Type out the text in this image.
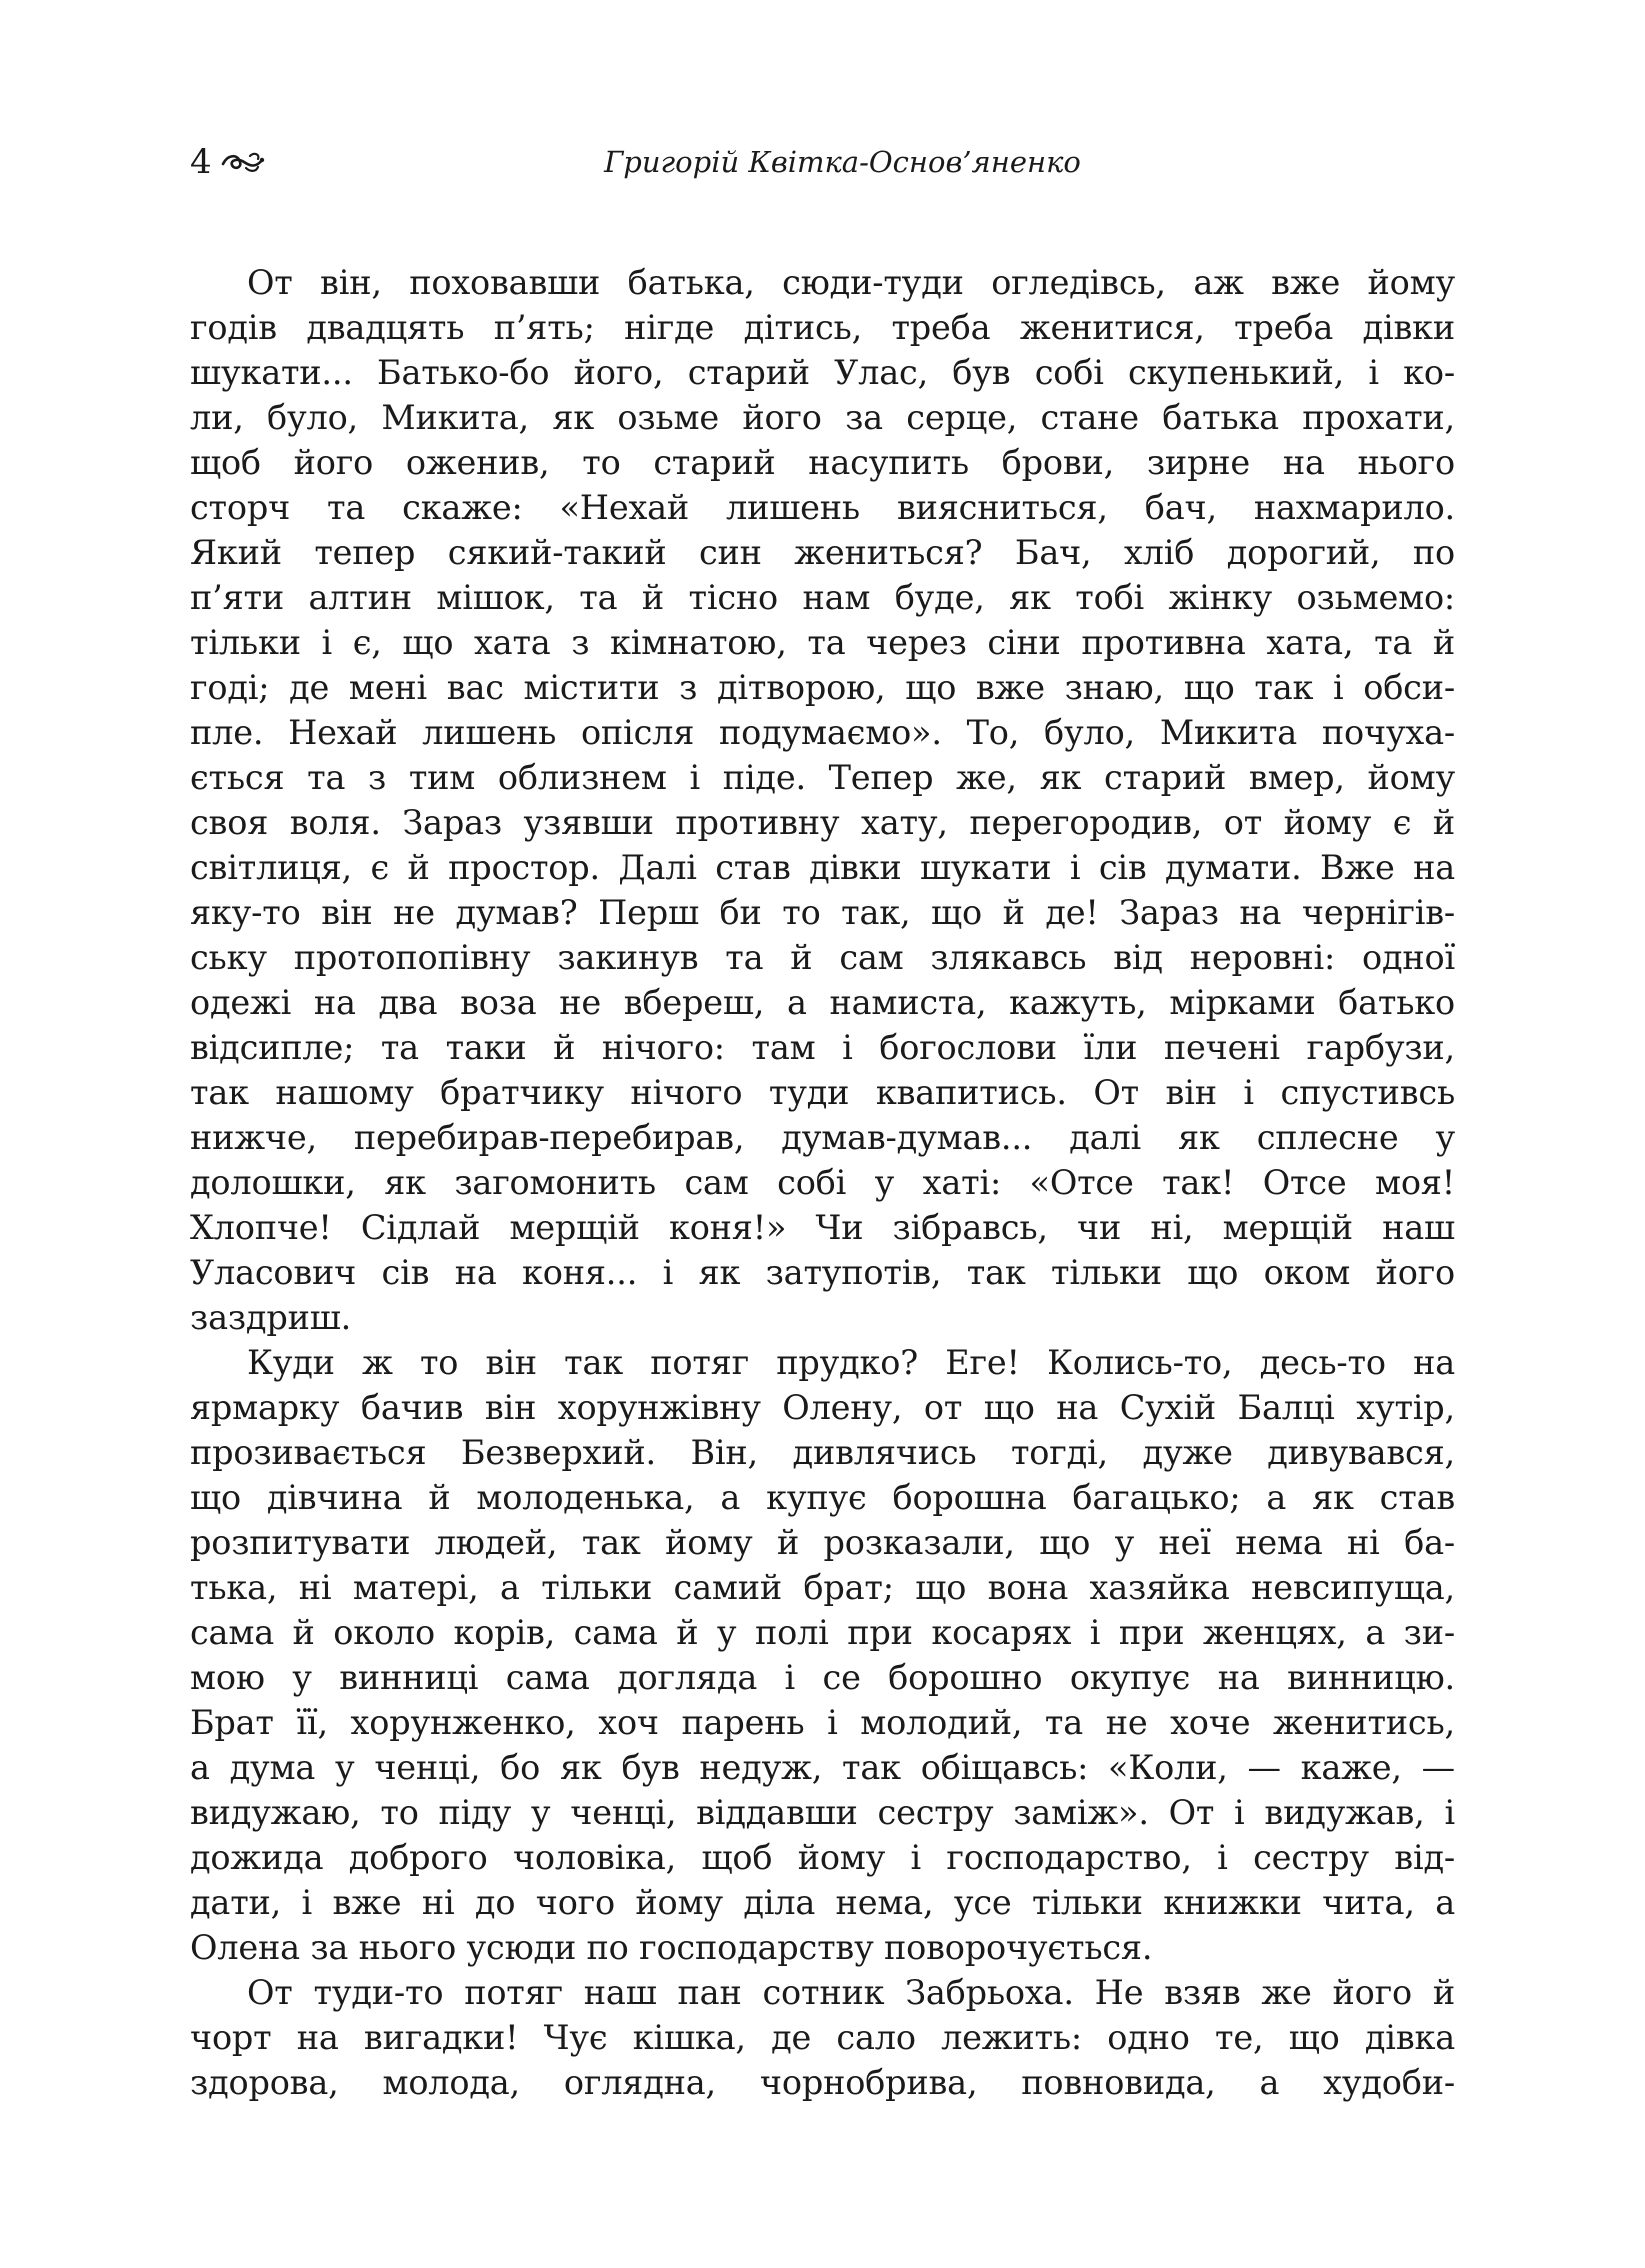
4	Григорій Квітка-Основ’яненко

От він, поховавши батька, сюди-туди огледівсь, аж вже йому
годів двадцять п’ять; нігде дітись, треба женитися, треба дівки
шукати... Батько-бо його, старий Улас, був собі скупенький, і ко-
ли, було, Микита, як озьме його за серце, стане батька прохати,
щоб його оженив, то старий насупить брови, зирне на нього
сторч та скаже: «Нехай лишень вияснитьcя, бач, нахмарило.
Який тепер сякий-такий син жениться? Бач, хліб дорогий, по
п’яти алтин мішок, та й тісно нам буде, як тобі жінку озьмемо:
тільки і є, що хата з кімнатою, та через сіни противна хата, та й
годі; де мені вас містити з дітворою, що вже знаю, що так і обси-
пле. Нехай лишень опісля подумаємо». То, було, Микита почуха-
ється та з тим облизнем і піде. Тепер же, як старий вмер, йому
своя воля. Зараз узявши противну хату, перегородив, от йому є й
світлиця, є й простор. Далі став дівки шукати і сів думати. Вже на
яку-то він не думав? Перш би то так, що й де! Зараз на чернігів-
ську протопопівну закинув та й сам злякавсь від неровні: одної
одежі на два воза не вбереш, а намиста, кажуть, мірками батько
відсипле; та таки й нічого: там і богослови їли печені гарбузи,
так нашому братчику нічого туди квапитись. От він і спустивсь
нижче, перебирав-перебирав, думав-думав... далі як сплесне у
долошки, як загомонить сам собі у хаті: «Отсе так! Отсе моя!
Хлопче! Сідлай мерщій коня!» Чи зібравсь, чи ні, мерщій наш
Уласович сів на коня... і як затупотів, так тільки що оком його
заздриш.

Куди ж то він так потяг прудко? Еге! Колись-то, десь-то на
ярмарку бачив він хорунжівну Олену, от що на Сухій Балці хутір,
прозивається Безверхий. Він, дивлячись тогді, дуже дивувався,
що дівчина й молоденька, а купує борошна багацько; а як став
розпитувати людей, так йому й розказали, що у неї нема ні ба-
тька, ні матері, а тільки самий брат; що вона хазяйка невсипуща,
сама й около корів, сама й у полі при косарях і при женцях, а зи-
мою у винниці сама догляда і се борошно окупує на винницю.
Брат її, хорунженко, хоч парень і молодий, та не хоче женитись,
а дума у ченці, бо як був недуж, так обіщавсь: «Коли, — каже, —
видужаю, то піду у ченці, віддавши сестру заміж». От і видужав, і
дожида доброго чоловіка, щоб йому і господарство, і сестру від-
дати, і вже ні до чого йому діла нема, усе тільки книжки чита, а
Олена за нього усюди по господарству поворочується.

От туди-то потяг наш пан сотник Забрьоха. Не взяв же його й
чорт на вигадки! Чує кішка, де сало лежить: одно те, що дівка
здорова, молода, оглядна, чорнобрива, повновида, а худоби-
